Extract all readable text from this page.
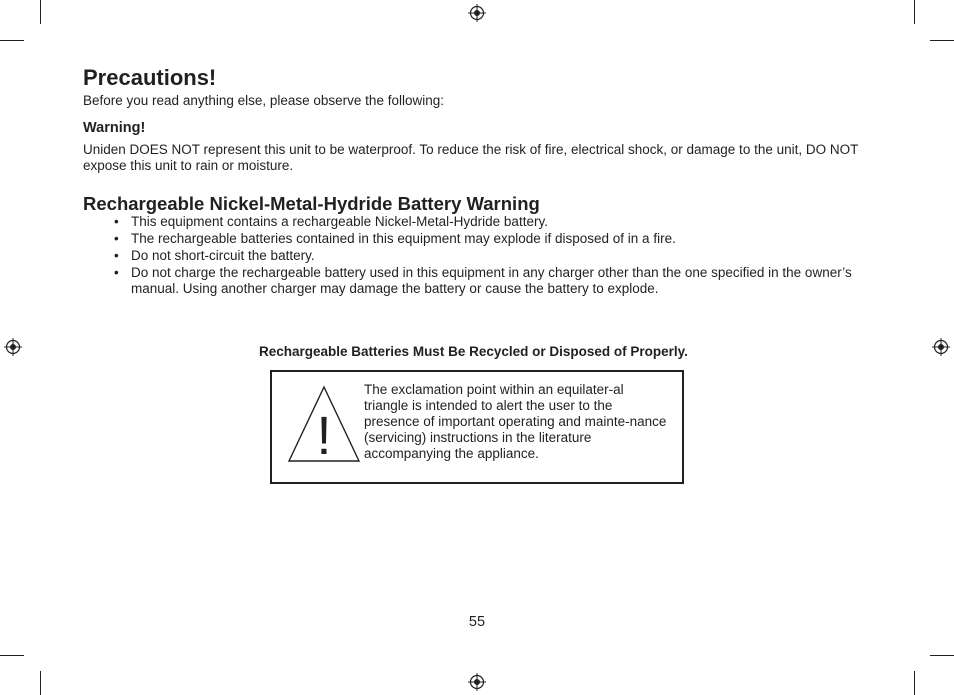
Precautions!

Before you read anything else, please observe the following:

Warning!

Uniden DOES NOT represent this unit to be waterproof. To reduce the risk of fire, electrical shock, or damage to the unit, DO NOT expose this unit to rain or moisture.

Rechargeable Nickel-Metal-Hydride Battery Warning
• This equipment contains a rechargeable Nickel-Metal-Hydride battery.
• The rechargeable batteries contained in this equipment may explode if disposed of in a fire.
• Do not short-circuit the battery.
• Do not charge the rechargeable battery used in this equipment in any charger other than the one specified in the owner’s manual. Using another charger may damage the battery or cause the battery to explode.

Rechargeable Batteries Must Be Recycled or Disposed of Properly.

!

The exclamation point within an equilater-al triangle is intended to alert the user to the presence of important operating and mainte-nance (servicing) instructions in the literature accompanying the appliance.

55
